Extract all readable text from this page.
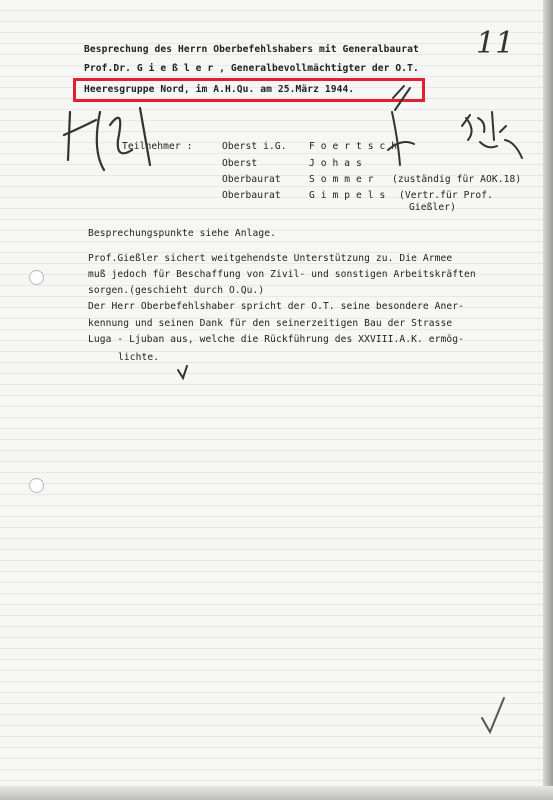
Besprechung des Herrn Oberbefehlshabers mit Generalbaurat
Prof.Dr. G i e ß l e r , Generalbevollmächtigter der O.T.
Heeresgruppe Nord, im A.H.Qu. am 25.März 1944.
Teilnehmer :	Oberst i.G. F o e r t s c h
Oberst	J o h a s
Oberbaurat	S o m m e r (zuständig für AOK.18)
Oberbaurat	G i m p e l s (Vertr.für Prof.
Gießler)
Besprechungspunkte siehe Anlage.
Prof.Gießler sichert weitgehendste Unterstützung zu. Die Armee
muß jedoch für Beschaffung von Zivil- und sonstigen Arbeitskräften
sorgen.(geschieht durch O.Qu.)
Der Herr Oberbefehlshaber spricht der O.T. seine besondere Aner-
kennung und seinen Dank für den seinerzeitigen Bau der Strasse
Luga - Ljuban aus, welche die Rückführung des XXVIII.A.K. ermög-
lichte.
11
